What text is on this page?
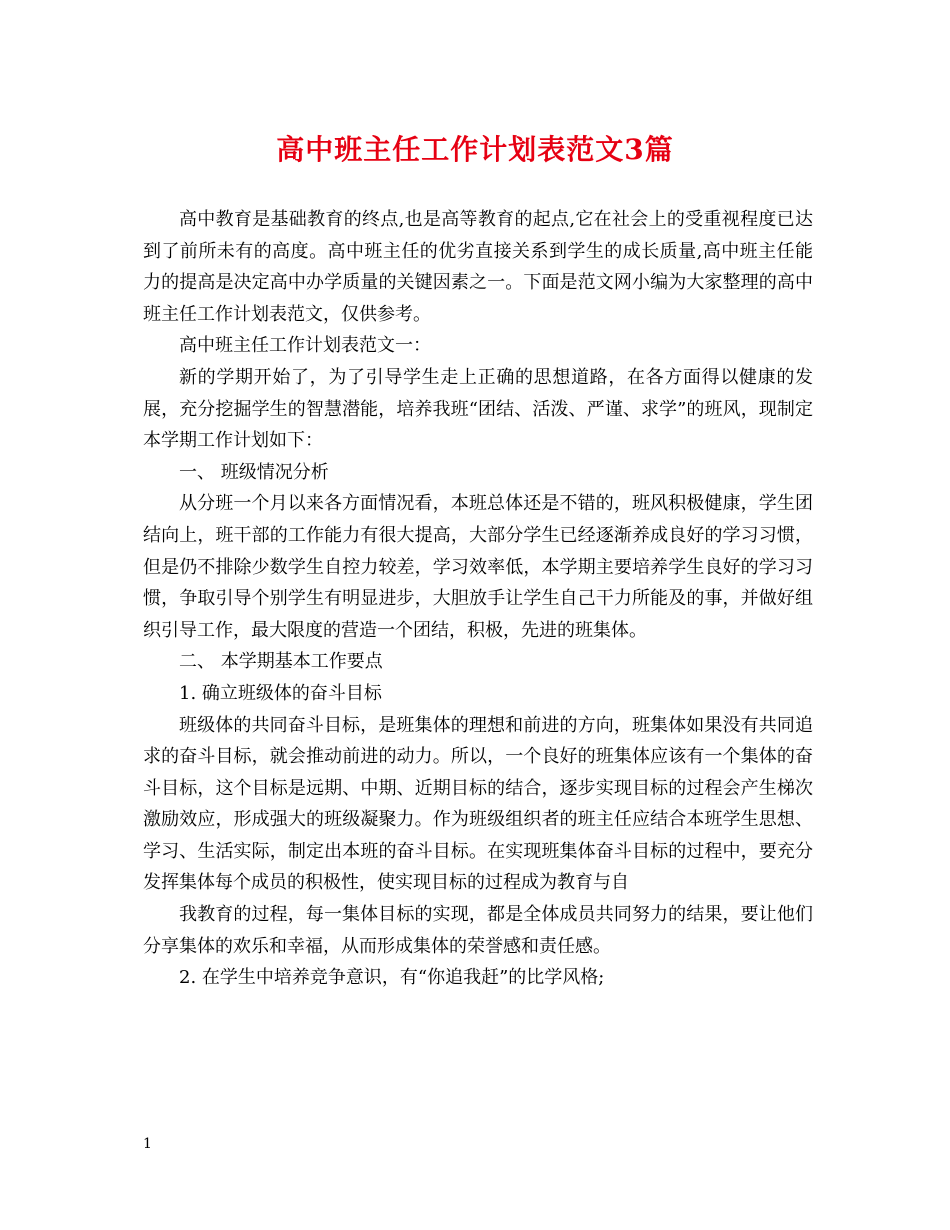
高中班主任工作计划表范文3篇

高中教育是基础教育的终点,也是高等教育的起点,它在社会上的受重视程度已达到了前所未有的高度。高中班主任的优劣直接关系到学生的成长质量,高中班主任能力的提高是决定高中办学质量的关键因素之一。下面是范文网小编为大家整理的高中班主任工作计划表范文，仅供参考。

高中班主任工作计划表范文一：

新的学期开始了，为了引导学生走上正确的思想道路，在各方面得以健康的发展，充分挖掘学生的智慧潜能，培养我班“团结、活泼、严谨、求学”的班风，现制定本学期工作计划如下：

一、 班级情况分析

从分班一个月以来各方面情况看，本班总体还是不错的，班风积极健康，学生团结向上，班干部的工作能力有很大提高，大部分学生已经逐渐养成良好的学习习惯，但是仍不排除少数学生自控力较差，学习效率低，本学期主要培养学生良好的学习习惯，争取引导个别学生有明显进步，大胆放手让学生自己干力所能及的事，并做好组织引导工作，最大限度的营造一个团结，积极，先进的班集体。

二、 本学期基本工作要点

1. 确立班级体的奋斗目标

班级体的共同奋斗目标，是班集体的理想和前进的方向，班集体如果没有共同追求的奋斗目标，就会推动前进的动力。所以，一个良好的班集体应该有一个集体的奋斗目标，这个目标是远期、中期、近期目标的结合，逐步实现目标的过程会产生梯次激励效应，形成强大的班级凝聚力。作为班级组织者的班主任应结合本班学生思想、学习、生活实际，制定出本班的奋斗目标。在实现班集体奋斗目标的过程中，要充分发挥集体每个成员的积极性，使实现目标的过程成为教育与自

我教育的过程，每一集体目标的实现，都是全体成员共同努力的结果，要让他们分享集体的欢乐和幸福，从而形成集体的荣誉感和责任感。

2. 在学生中培养竞争意识，有“你追我赶”的比学风格;

1
